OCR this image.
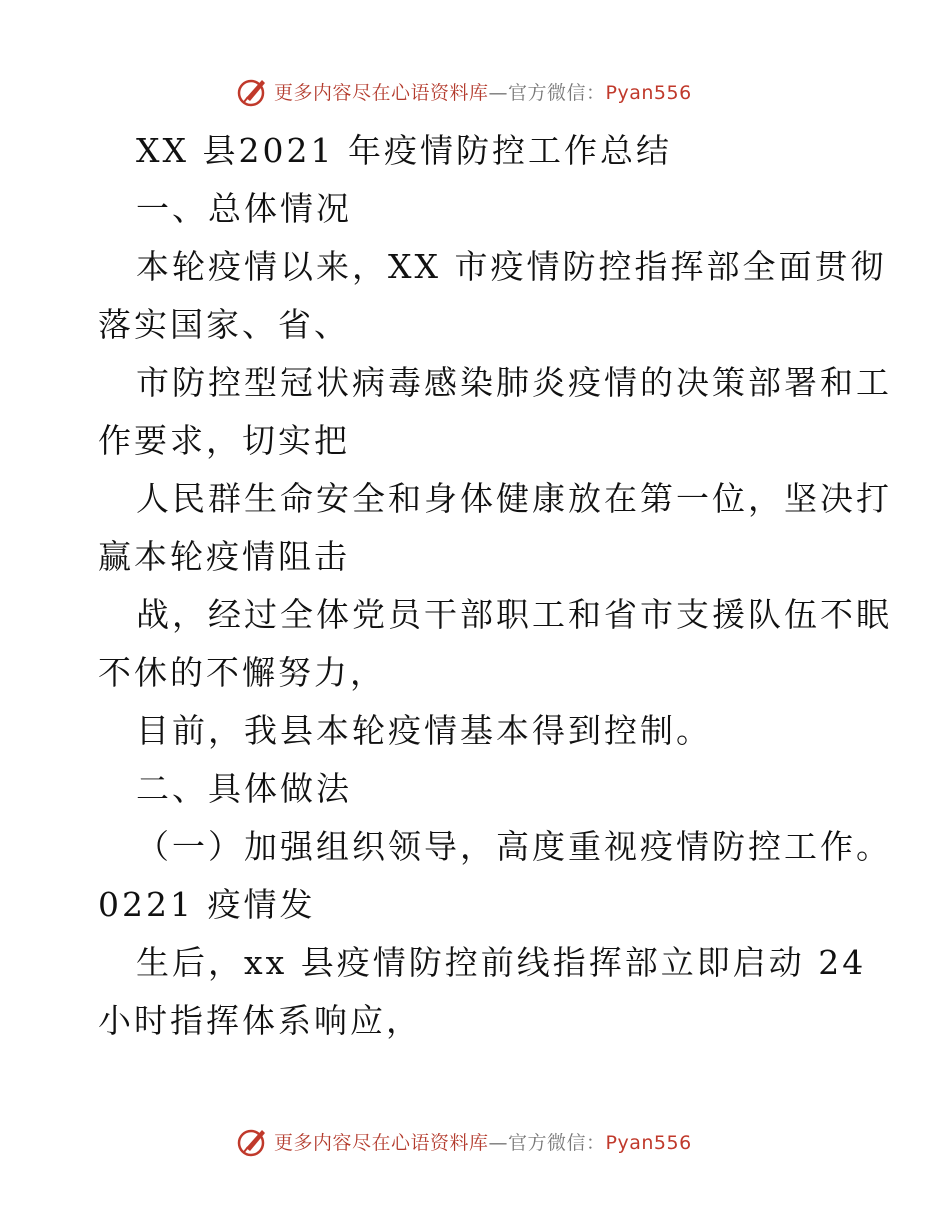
更多内容尽在心语资料库—官方微信：Pyan556

XX 县2021 年疫情防控工作总结

一、总体情况

本轮疫情以来，XX 市疫情防控指挥部全面贯彻

落实国家、省、

市防控型冠状病毒感染肺炎疫情的决策部署和工

作要求，切实把

人民群生命安全和身体健康放在第一位，坚决打

赢本轮疫情阻击

战，经过全体党员干部职工和省市支援队伍不眠

不休的不懈努力，

目前，我县本轮疫情基本得到控制。

二、具体做法

（一）加强组织领导，高度重视疫情防控工作。

0221 疫情发

生后，xx 县疫情防控前线指挥部立即启动 24

小时指挥体系响应，

更多内容尽在心语资料库—官方微信：Pyan556
